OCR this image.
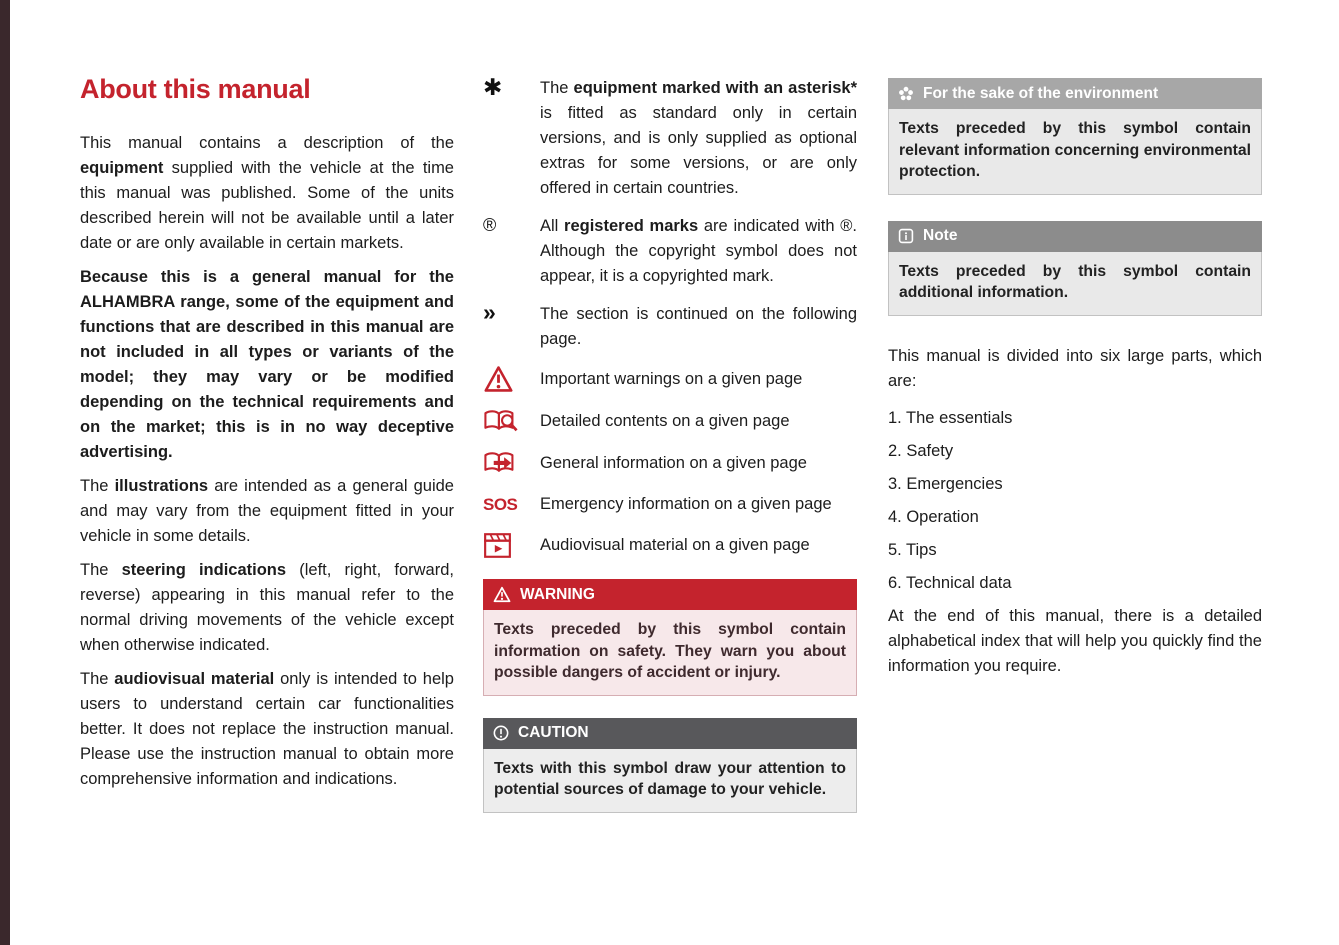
About this manual

This manual contains a description of the equipment supplied with the vehicle at the time this manual was published. Some of the units described herein will not be available until a later date or are only available in certain markets.

Because this is a general manual for the ALHAMBRA range, some of the equipment and functions that are described in this manual are not included in all types or variants of the model; they may vary or be modified depending on the technical requirements and on the market; this is in no way deceptive advertising.

The illustrations are intended as a general guide and may vary from the equipment fitted in your vehicle in some details.

The steering indications (left, right, forward, reverse) appearing in this manual refer to the normal driving movements of the vehicle except when otherwise indicated.

The audiovisual material only is intended to help users to understand certain car functionalities better. It does not replace the instruction manual. Please use the instruction manual to obtain more comprehensive information and indications.

✱ The equipment marked with an asterisk* is fitted as standard only in certain versions, and is only supplied as optional extras for some versions, or are only offered in certain countries.
®	All registered marks are indicated with ®. Although the copyright symbol does not appear, it is a copyrighted mark.
»	The section is continued on the following page.
Important warnings on a given page
Detailed contents on a given page
General information on a given page
SOS Emergency information on a given page
Audiovisual material on a given page
WARNING
Texts preceded by this symbol contain information on safety. They warn you about possible dangers of accident or injury.
CAUTION
Texts with this symbol draw your attention to potential sources of damage to your vehicle.
For the sake of the environment
Texts preceded by this symbol contain relevant information concerning environmental protection.
Note
Texts preceded by this symbol contain additional information.

This manual is divided into six large parts, which are:

1. The essentials
2. Safety
3. Emergencies
4. Operation
5. Tips
6. Technical data

At the end of this manual, there is a detailed alphabetical index that will help you quickly find the information you require.
